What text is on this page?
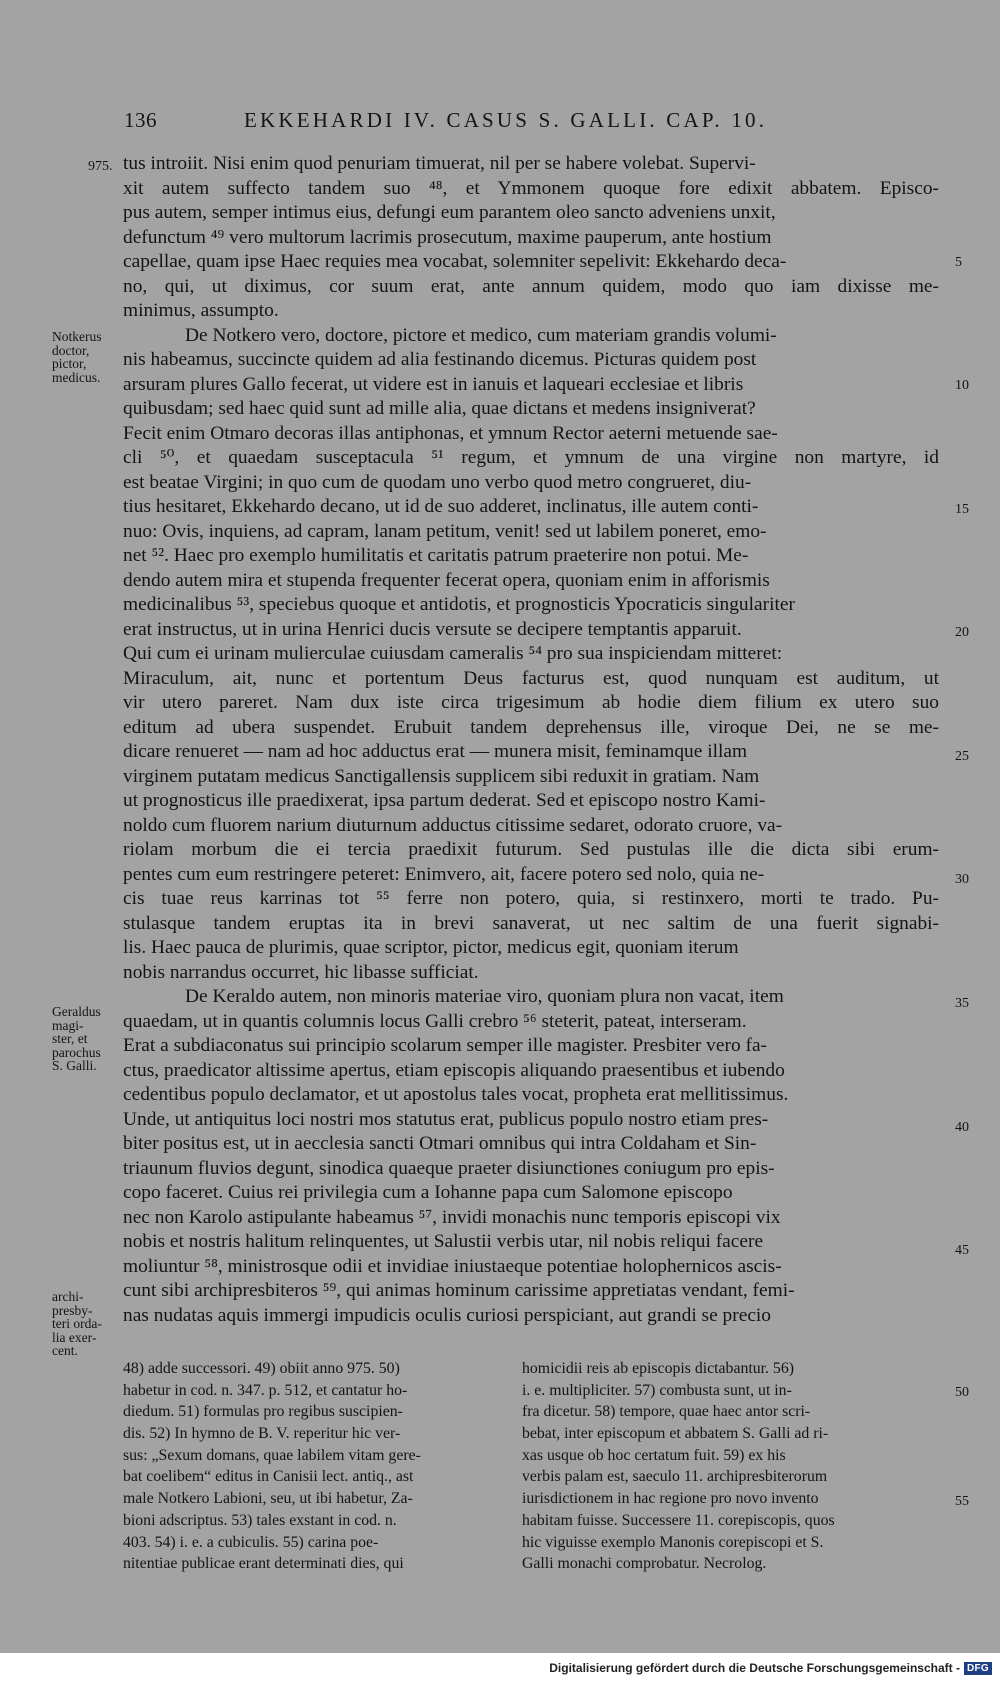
136	EKKEHARDI IV. CASUS S. GALLI. CAP. 10.
975.
Notkerus
doctor,
pictor,
medicus.
Geraldus
magi-
ster, et
parochus
S. Galli.
archi-
presby-
teri orda-
lia exer-
cent.
5
10
15
20
25
30
35
40
45
50
55
tus introiit. Nisi enim quod penuriam timuerat, nil per se habere volebat. Supervi-
xit autem suffecto tandem suo ⁴⁸, et Ymmonem quoque fore edixit abbatem. Episco-
pus autem, semper intimus eius, defungi eum parantem oleo sancto adveniens unxit,
defunctum ⁴⁹ vero multorum lacrimis prosecutum, maxime pauperum, ante hostium
capellae, quam ipse Haec requies mea vocabat, solemniter sepelivit: Ekkehardo deca-
no, qui, ut diximus, cor suum erat, ante annum quidem, modo quo iam dixisse me-
minimus, assumpto.
De Notkero vero, doctore, pictore et medico, cum materiam grandis volumi-
nis habeamus, succincte quidem ad alia festinando dicemus. Picturas quidem post
arsuram plures Gallo fecerat, ut videre est in ianuis et laqueari ecclesiae et libris
quibusdam; sed haec quid sunt ad mille alia, quae dictans et medens insigniverat?
Fecit enim Otmaro decoras illas antiphonas, et ymnum Rector aeterni metuende sae-
cli ⁵⁰, et quaedam susceptacula ⁵¹ regum, et ymnum de una virgine non martyre, id
est beatae Virgini; in quo cum de quodam uno verbo quod metro congrueret, diu-
tius hesitaret, Ekkehardo decano, ut id de suo adderet, inclinatus, ille autem conti-
nuo: Ovis, inquiens, ad capram, lanam petitum, venit! sed ut labilem poneret, emo-
net ⁵². Haec pro exemplo humilitatis et caritatis patrum praeterire non potui. Me-
dendo autem mira et stupenda frequenter fecerat opera, quoniam enim in afforismis
medicinalibus ⁵³, speciebus quoque et antidotis, et prognosticis Ypocraticis singulariter
erat instructus, ut in urina Henrici ducis versute se decipere temptantis apparuit.
Qui cum ei urinam mulierculae cuiusdam cameralis ⁵⁴ pro sua inspiciendam mitteret:
Miraculum, ait, nunc et portentum Deus facturus est, quod nunquam est auditum, ut
vir utero pareret. Nam dux iste circa trigesimum ab hodie diem filium ex utero suo
editum ad ubera suspendet. Erubuit tandem deprehensus ille, viroque Dei, ne se me-
dicare renueret — nam ad hoc adductus erat — munera misit, feminamque illam
virginem putatam medicus Sanctigallensis supplicem sibi reduxit in gratiam. Nam
ut prognosticus ille praedixerat, ipsa partum dederat. Sed et episcopo nostro Kami-
noldo cum fluorem narium diuturnum adductus citissime sedaret, odorato cruore, va-
riolam morbum die ei tercia praedixit futurum. Sed pustulas ille die dicta sibi erum-
pentes cum eum restringere peteret: Enimvero, ait, facere potero sed nolo, quia ne-
cis tuae reus karrinas tot ⁵⁵ ferre non potero, quia, si restinxero, morti te trado. Pu-
stulasque tandem eruptas ita in brevi sanaverat, ut nec saltim de una fuerit signabi-
lis. Haec pauca de plurimis, quae scriptor, pictor, medicus egit, quoniam iterum
nobis narrandus occurret, hic libasse sufficiat.
De Keraldo autem, non minoris materiae viro, quoniam plura non vacat, item
quaedam, ut in quantis columnis locus Galli crebro ⁵⁶ steterit, pateat, interseram.
Erat a subdiaconatus sui principio scolarum semper ille magister. Presbiter vero fa-
ctus, praedicator altissime apertus, etiam episcopis aliquando praesentibus et iubendo
cedentibus populo declamator, et ut apostolus tales vocat, propheta erat mellitissimus.
Unde, ut antiquitus loci nostri mos statutus erat, publicus populo nostro etiam pres-
biter positus est, ut in aecclesia sancti Otmari omnibus qui intra Coldaham et Sin-
triaunum fluvios degunt, sinodica quaeque praeter disiunctiones coniugum pro epis-
copo faceret. Cuius rei privilegia cum a Iohanne papa cum Salomone episcopo
nec non Karolo astipulante habeamus ⁵⁷, invidi monachis nunc temporis episcopi vix
nobis et nostris halitum relinquentes, ut Salustii verbis utar, nil nobis reliqui facere
moliuntur ⁵⁸, ministrosque odii et invidiae iniustaeque potentiae holophernicos ascis-
cunt sibi archipresbiteros ⁵⁹, qui animas hominum carissime appretiatas vendant, femi-
nas nudatas aquis immergi impudicis oculis curiosi perspiciant, aut grandi se precio
48) adde successori. 49) obiit anno 975. 50)
habetur in cod. n. 347. p. 512, et cantatur ho-
diedum. 51) formulas pro regibus suscipien-
dis. 52) In hymno de B. V. reperitur hic ver-
sus: „Sexum domans, quae labilem vitam gere-
bat coelibem“ editus in Canisii lect. antiq., ast
male Notkero Labioni, seu, ut ibi habetur, Za-
bioni adscriptus. 53) tales exstant in cod. n.
403. 54) i. e. a cubiculis. 55) carina poe-
nitentiae publicae erant determinati dies, qui
homicidii reis ab episcopis dictabantur. 56)
i. e. multipliciter. 57) combusta sunt, ut in-
fra dicetur. 58) tempore, quae haec antor scri-
bebat, inter episcopum et abbatem S. Galli ad ri-
xas usque ob hoc certatum fuit. 59) ex his
verbis palam est, saeculo 11. archipresbiterorum
iurisdictionem in hac regione pro novo invento
habitam fuisse. Successere 11. corepiscopis, quos
hic viguisse exemplo Manonis corepiscopi et S.
Galli monachi comprobatur. Necrolog.
Digitalisierung gefördert durch die Deutsche Forschungsgemeinschaft - DFG
